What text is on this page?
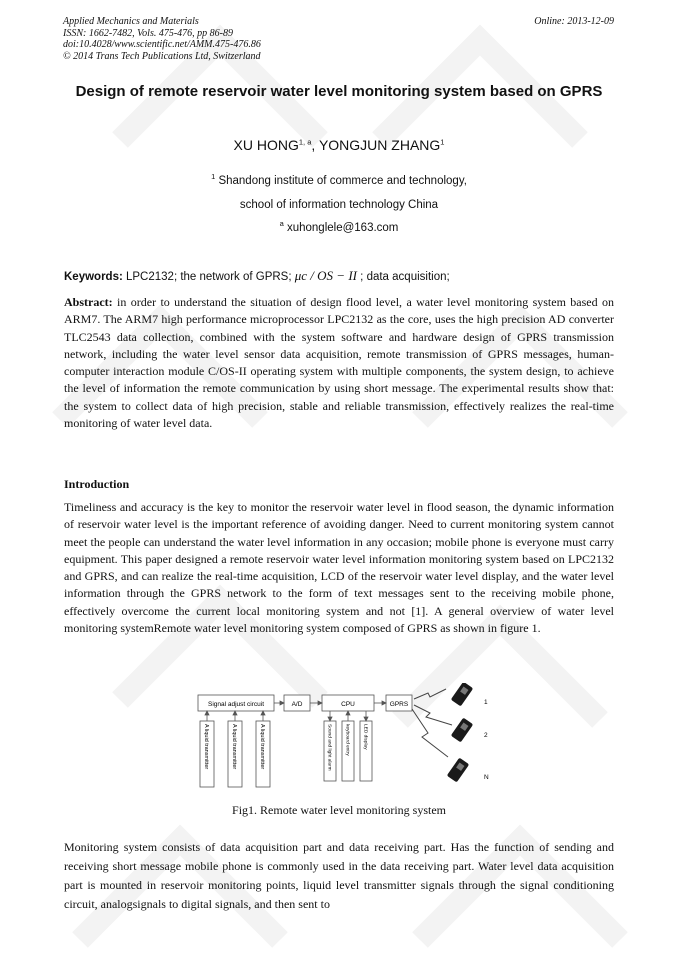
Applied Mechanics and Materials
ISSN: 1662-7482, Vols. 475-476, pp 86-89
doi:10.4028/www.scientific.net/AMM.475-476.86
© 2014 Trans Tech Publications Ltd, Switzerland
Online: 2013-12-09
Design of remote reservoir water level monitoring system based on GPRS
XU HONG$^{1, a}$, YONGJUN ZHANG$^1$
$^1$ Shandong institute of commerce and technology,
school of information technology China
$^a$ xuhonglele@163.com
Keywords: LPC2132; the network of GPRS; μc / OS − II ; data acquisition;

Abstract: in order to understand the situation of design flood level, a water level monitoring system based on ARM7. The ARM7 high performance microprocessor LPC2132 as the core, uses the high precision AD converter TLC2543 data collection, combined with the system software and hardware design of GPRS transmission network, including the water level sensor data acquisition, remote transmission of GPRS messages, human-computer interaction module C/OS-II operating system with multiple components, the system design, to achieve the level of information the remote communication by using short message. The experimental results show that: the system to collect data of high precision, stable and reliable transmission, effectively realizes the real-time monitoring of water level data.

Introduction

Timeliness and accuracy is the key to monitor the reservoir water level in flood season, the dynamic information of reservoir water level is the important reference of avoiding danger. Need to current monitoring system cannot meet the people can understand the water level information in any occasion; mobile phone is everyone must carry equipment. This paper designed a remote reservoir water level information monitoring system based on LPC2132 and GPRS, and can realize the real-time acquisition, LCD of the reservoir water level display, and the water level information through the GPRS network to the form of text messages sent to the receiving mobile phone, effectively overcome the current local monitoring system and not [1]. A general overview of water level monitoring systemRemote water level monitoring system composed of GPRS as shown in figure 1.

Signal adjust circuit	A/D	CPU	GPRS
A liquid transmitter	A liquid transmitter	A liquid transmitter	Sound and light alarm	keyboard entry	LED display
1
2
N
Fig1. Remote water level monitoring system

Monitoring system consists of data acquisition part and data receiving part. Has the function of sending and receiving short message mobile phone is commonly used in the data receiving part. Water level data acquisition part is mounted in reservoir monitoring points, liquid level transmitter signals through the signal conditioning circuit, analogsignals to digital signals, and then sent to
